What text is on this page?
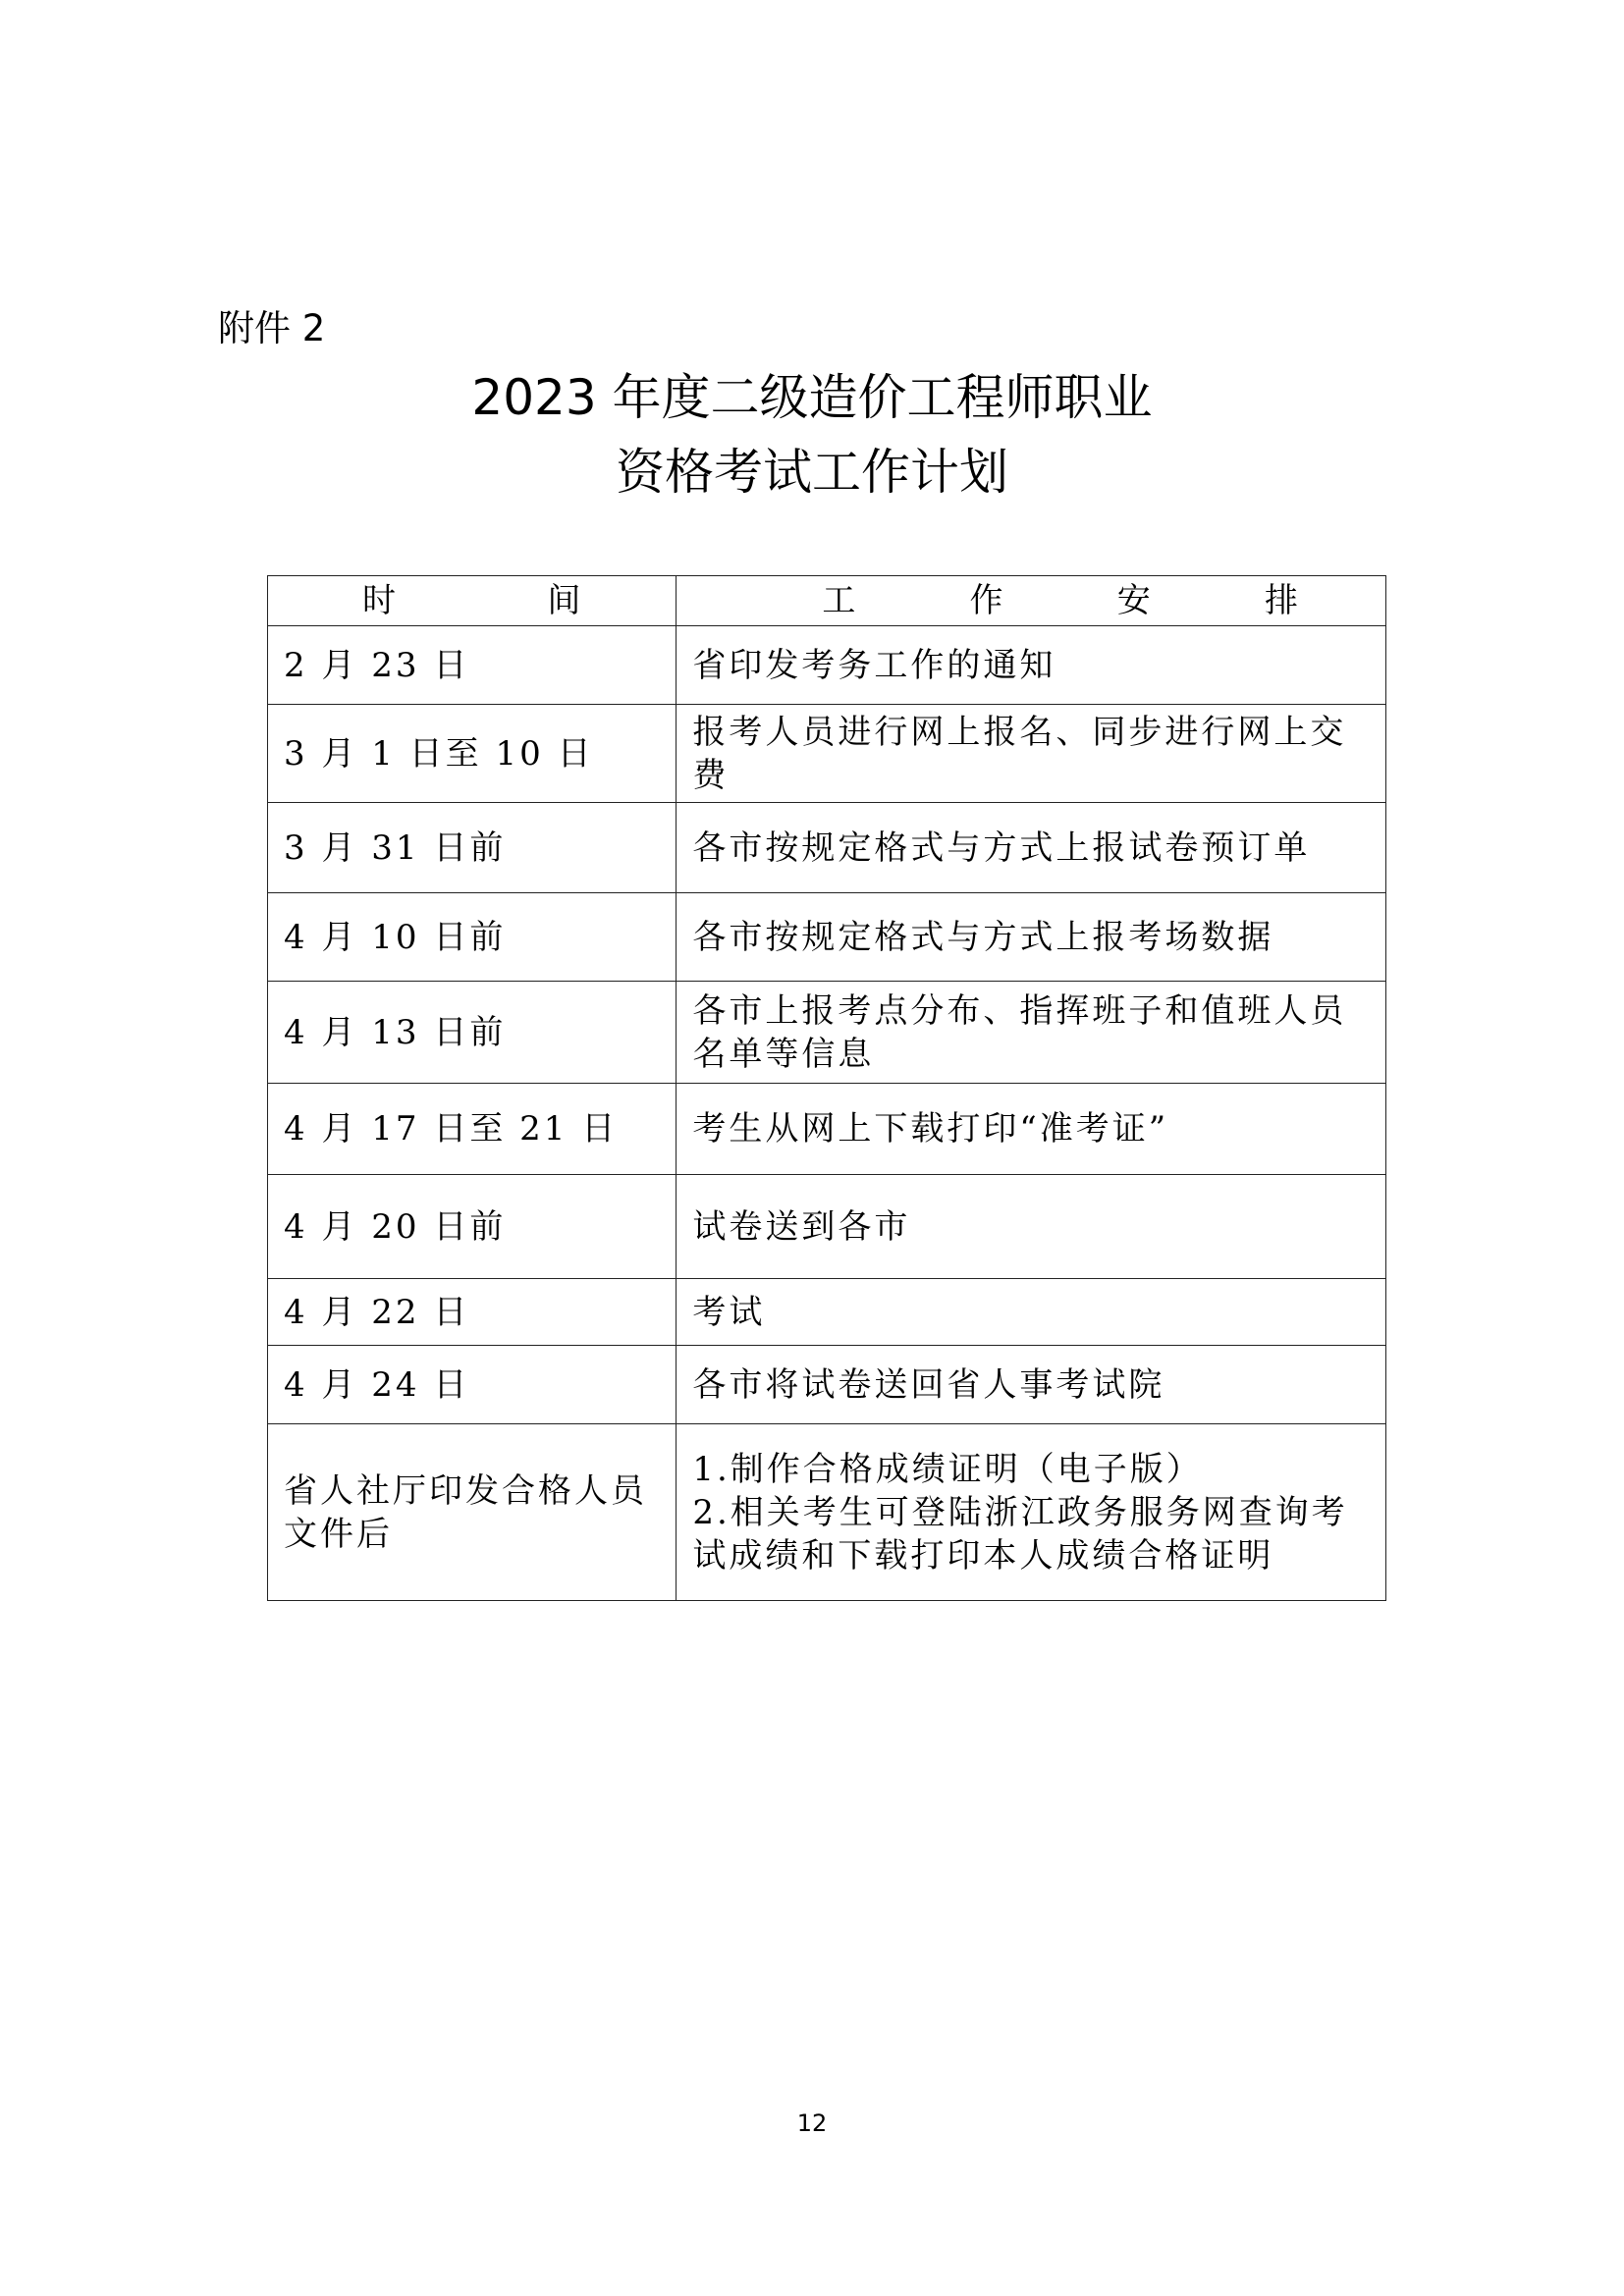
附件 2
2023 年度二级造价工程师职业
资格考试工作计划
时 间	工 作 安 排

2 月 23 日	省印发考务工作的通知
3 月 1 日至 10 日	报考人员进行网上报名、同步进行网上交费
3 月 31 日前	各市按规定格式与方式上报试卷预订单
4 月 10 日前	各市按规定格式与方式上报考场数据
4 月 13 日前	各市上报考点分布、指挥班子和值班人员名单等信息
4 月 17 日至 21 日	考生从网上下载打印“准考证”
4 月 20 日前	试卷送到各市
4 月 22 日	考试
4 月 24 日	各市将试卷送回省人事考试院
省人社厅印发合格人员文件后	1.制作合格成绩证明（电子版）
2.相关考生可登陆浙江政务服务网查询考试成绩和下载打印本人成绩合格证明
12
